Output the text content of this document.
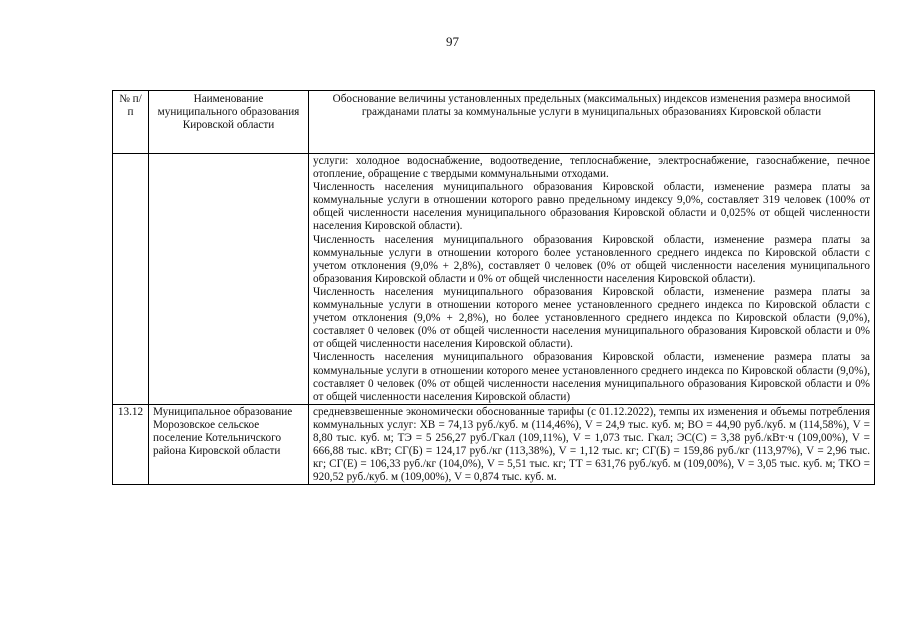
97
№ п/п	Наименование муниципального образования Кировской области	Обоснование величины установленных предельных (максимальных) индексов изменения размера вносимой гражданами платы за коммунальные услуги в муниципальных образованиях Кировской области

		услуги: холодное водоснабжение, водоотведение, теплоснабжение, электроснабжение, газоснабжение, печное отопление, обращение с твердыми коммунальными отходами.
Численность населения муниципального образования Кировской области, изменение размера платы за коммунальные услуги в отношении которого равно предельному индексу 9,0%, составляет 319 человек (100% от общей численности населения муниципального образования Кировской области и 0,025% от общей численности населения Кировской области).
Численность населения муниципального образования Кировской области, изменение размера платы за коммунальные услуги в отношении которого более установленного среднего индекса по Кировской области с учетом отклонения (9,0% + 2,8%), составляет 0 человек (0% от общей численности населения муниципального образования Кировской области и 0% от общей численности населения Кировской области).
Численность населения муниципального образования Кировской области, изменение размера платы за коммунальные услуги в отношении которого менее установленного среднего индекса по Кировской области с учетом отклонения (9,0% + 2,8%), но более установленного среднего индекса по Кировской области (9,0%), составляет 0 человек (0% от общей численности населения муниципального образования Кировской области и 0% от общей численности населения Кировской области).
Численность населения муниципального образования Кировской области, изменение размера платы за коммунальные услуги в отношении которого менее установленного среднего индекса по Кировской области (9,0%), составляет 0 человек (0% от общей численности населения муниципального образования Кировской области и 0% от общей численности населения Кировской области)

13.12	Муниципальное образование Морозовское сельское поселение Котельничского района Кировской области	средневзвешенные экономически обоснованные тарифы (с 01.12.2022), темпы их изменения и объемы потребления коммунальных услуг: ХВ = 74,13 руб./куб. м (114,46%), V = 24,9 тыс. куб. м; ВО = 44,90 руб./куб. м (114,58%), V = 8,80 тыс. куб. м; ТЭ = 5 256,27 руб./Гкал (109,11%), V = 1,073 тыс. Гкал; ЭС(С) = 3,38 руб./кВт·ч (109,00%), V = 666,88 тыс. кВт; СГ(Б) = 124,17 руб./кг (113,38%), V = 1,12 тыс. кг; СГ(Б) = 159,86 руб./кг (113,97%), V = 2,96 тыс. кг; СГ(Е) = 106,33 руб./кг (104,0%), V = 5,51 тыс. кг; ТТ = 631,76 руб./куб. м (109,00%), V = 3,05 тыс. куб. м; ТКО = 920,52 руб./куб. м (109,00%), V = 0,874 тыс. куб. м.
